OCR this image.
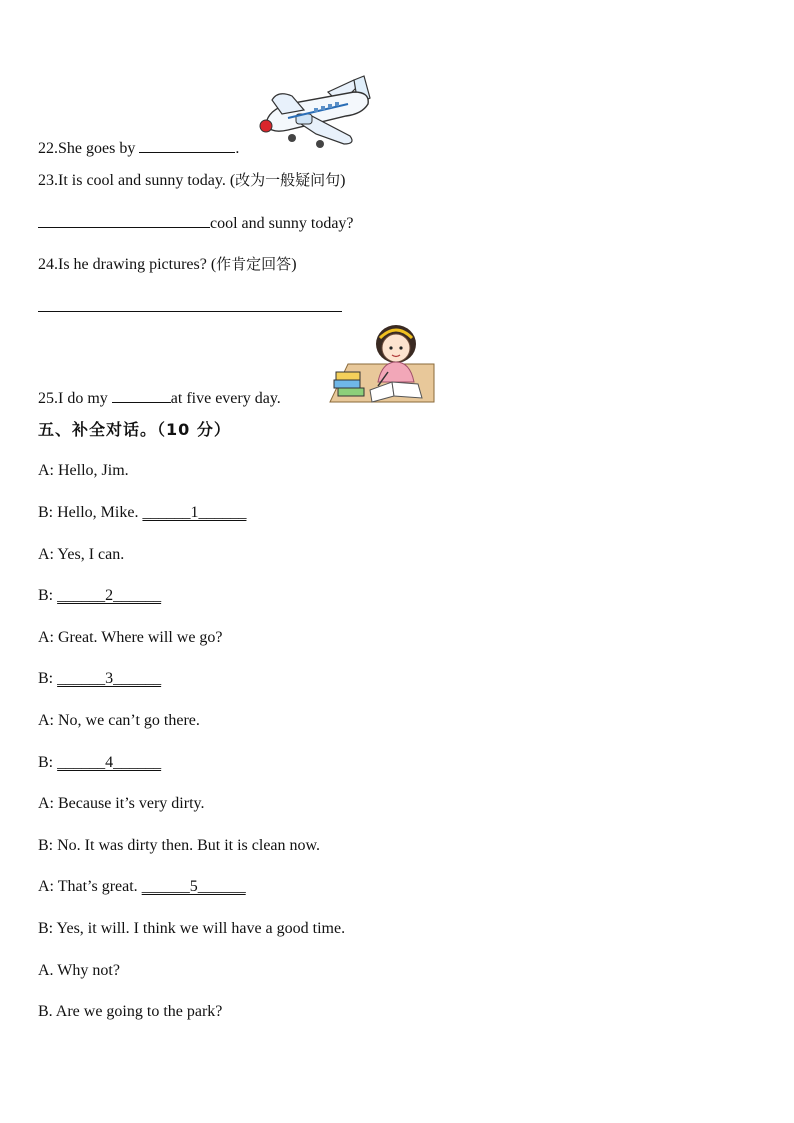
22.She goes by	.
23.It is cool and sunny today. (改为一般疑问句)
cool and sunny today?
24.Is he drawing pictures? (作肯定回答)
25.I do my	at five every day.
五、补全对话。（10 分）
A: Hello, Jim.
B: Hello, Mike. ______1______
A: Yes, I can.
B: ______2______
A: Great. Where will we go?
B: ______3______
A: No, we can’t go there.
B: ______4______
A: Because it’s very dirty.
B: No. It was dirty then. But it is clean now.
A: That’s great. ______5______
B: Yes, it will. I think we will have a good time.
A. Why not?
B. Are we going to the park?
